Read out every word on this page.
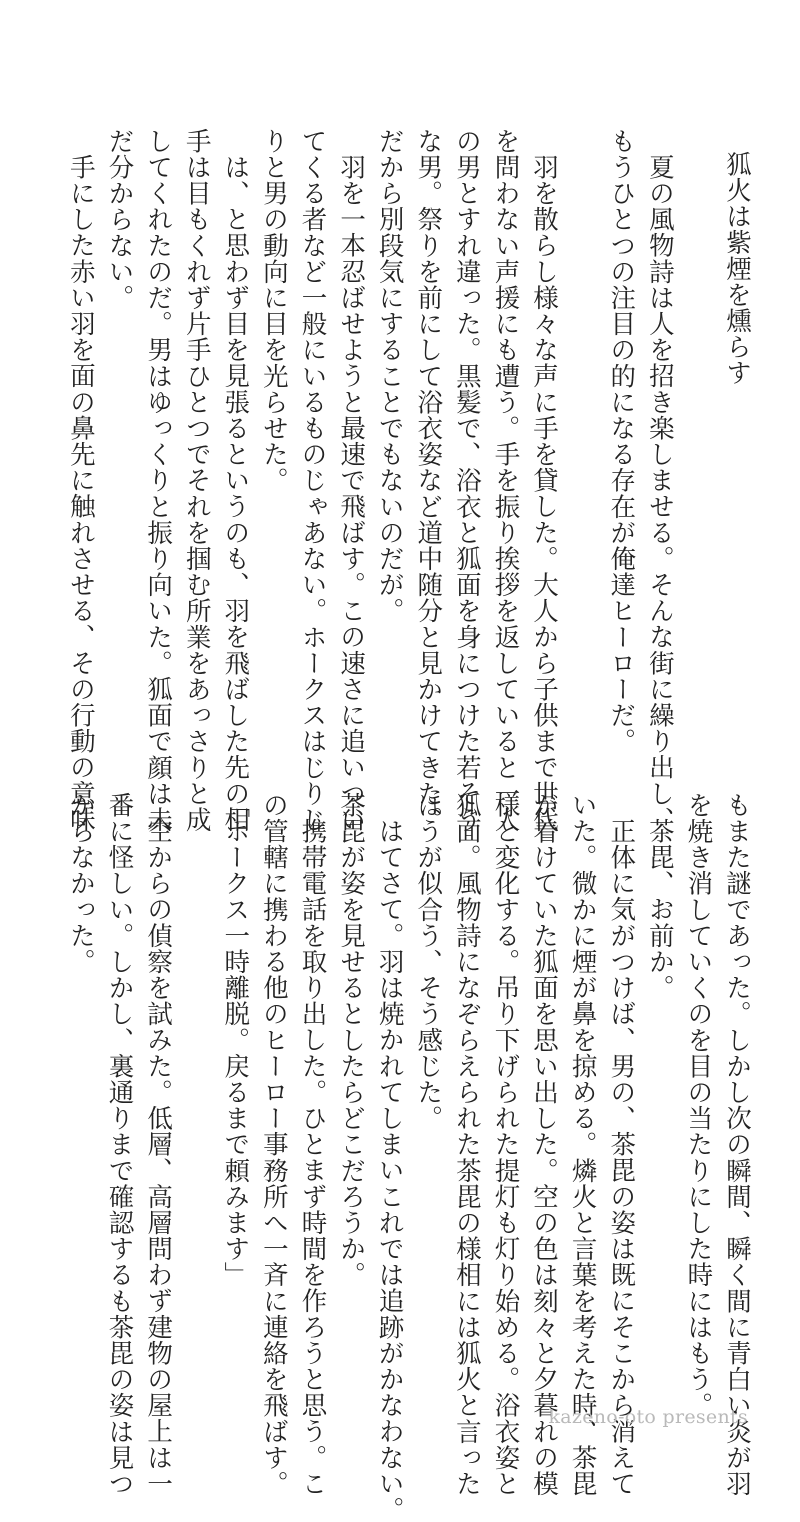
狐火は紫煙を燻らす
夏の風物詩は人を招き楽しませる。そんな街に繰り出し、
もうひとつの注目の的になる存在が俺達ヒーローだ。

羽を散らし様々な声に手を貸した。大人から子供まで世代
を問わない声援にも遭う。手を振り挨拶を返していると一人
の男とすれ違った。黒髪で、浴衣と狐面を身につけた若そう
な男。祭りを前にして浴衣姿など道中随分と見かけてきた。
だから別段気にすることでもないのだが。
羽を一本忍ばせようと最速で飛ばす。この速さに追いつい
てくる者など一般にいるものじゃあない。ホークスはじりじ
りと男の動向に目を光らせた。
は、と思わず目を見張るというのも、羽を飛ばした先の相
手は目もくれず片手ひとつでそれを掴む所業をあっさりと成
してくれたのだ。男はゆっくりと振り向いた。狐面で顔は未
だ分からない。
手にした赤い羽を面の鼻先に触れさせる、その行動の意味
もまた謎であった。しかし次の瞬間、瞬く間に青白い炎が羽
を焼き消していくのを目の当たりにした時にはもう。
茶毘、お前か。
正体に気がつけば、男の、茶毘の姿は既にそこから消えて
いた。微かに煙が鼻を掠める。燐火と言葉を考えた時、茶毘
が着けていた狐面を思い出した。空の色は刻々と夕暮れの模
様と変化する。吊り下げられた提灯も灯り始める。浴衣姿と
狐面。風物詩になぞらえられた茶毘の様相には狐火と言った
ほうが似合う、そう感じた。
はてさて。羽は焼かれてしまいこれでは追跡がかなわない。
茶毘が姿を見せるとしたらどこだろうか。
携帯電話を取り出した。ひとまず時間を作ろうと思う。こ
の管轄に携わる他のヒーロー事務所へ一斉に連絡を飛ばす。
「ホークス一時離脱。戻るまで頼みます」

空からの偵察を試みた。低層、高層問わず建物の屋上は一
番に怪しい。しかし、裏通りまで確認するも茶毘の姿は見つ
からなかった。
kazeno-oto presents
